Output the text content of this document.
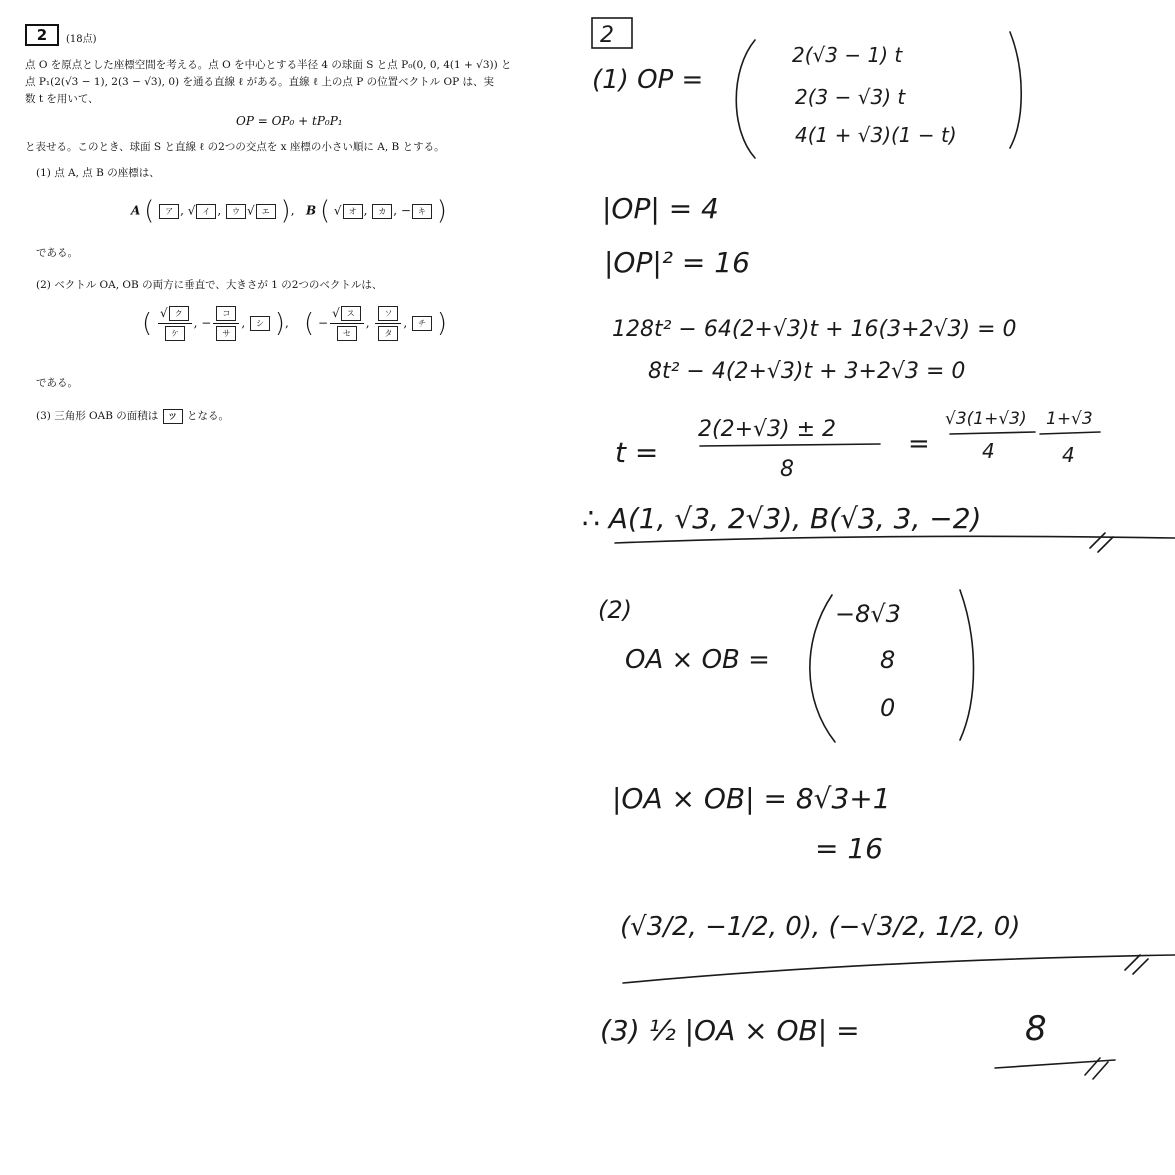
2	(18点)
点 O を原点とした座標空間を考える。点 O を中心とする半径 4 の球面 S と点 P₀(0, 0, 4(1 + √3)) と
点 P₁(2(√3 − 1), 2(3 − √3), 0) を通る直線 ℓ がある。直線 ℓ 上の点 P の位置ベクトル OP は、実
数 t を用いて、
OP = OP₀ + tP₀P₁
と表せる。このとき、球面 S と直線 ℓ の2つの交点を x 座標の小さい順に A, B とする。
(1) 点 A, 点 B の座標は、
A ( ア , √ イ , ウ √ エ ),   B ( √ オ , カ , − キ )
である。
(2) ベクトル OA, OB の両方に垂直で、大きさが 1 の2つのベクトルは、
( $\frac{\text{√ ク}}{\text{ケ}}$ , − $\frac{\text{コ}}{\text{サ}}$ , シ ),    ( − $\frac{\text{√ ス}}{\text{セ}}$ , $\frac{\text{ソ}}{\text{タ}}$ , チ )
である。
(3) 三角形 OAB の面積は ツ となる。
2
(1) OP =
2(√3 − 1) t
2(3 − √3) t
4(1 + √3)(1 − t)
|OP| = 4
|OP|² = 16
128t² − 64(2+√3)t + 16(3+2√3) = 0
8t² − 4(2+√3)t + 3+2√3 = 0
t =
2(2+√3) ± 2
8
=
√3(1+√3)
4
1+√3
4
∴ A(1, √3, 2√3), B(√3, 3, −2)
(2)
OA × OB =
−8√3
8
0
|OA × OB| = 8√3+1
= 16
(√3/2, −1/2, 0), (−√3/2, 1/2, 0)
(3) ½ |OA × OB| =	8
